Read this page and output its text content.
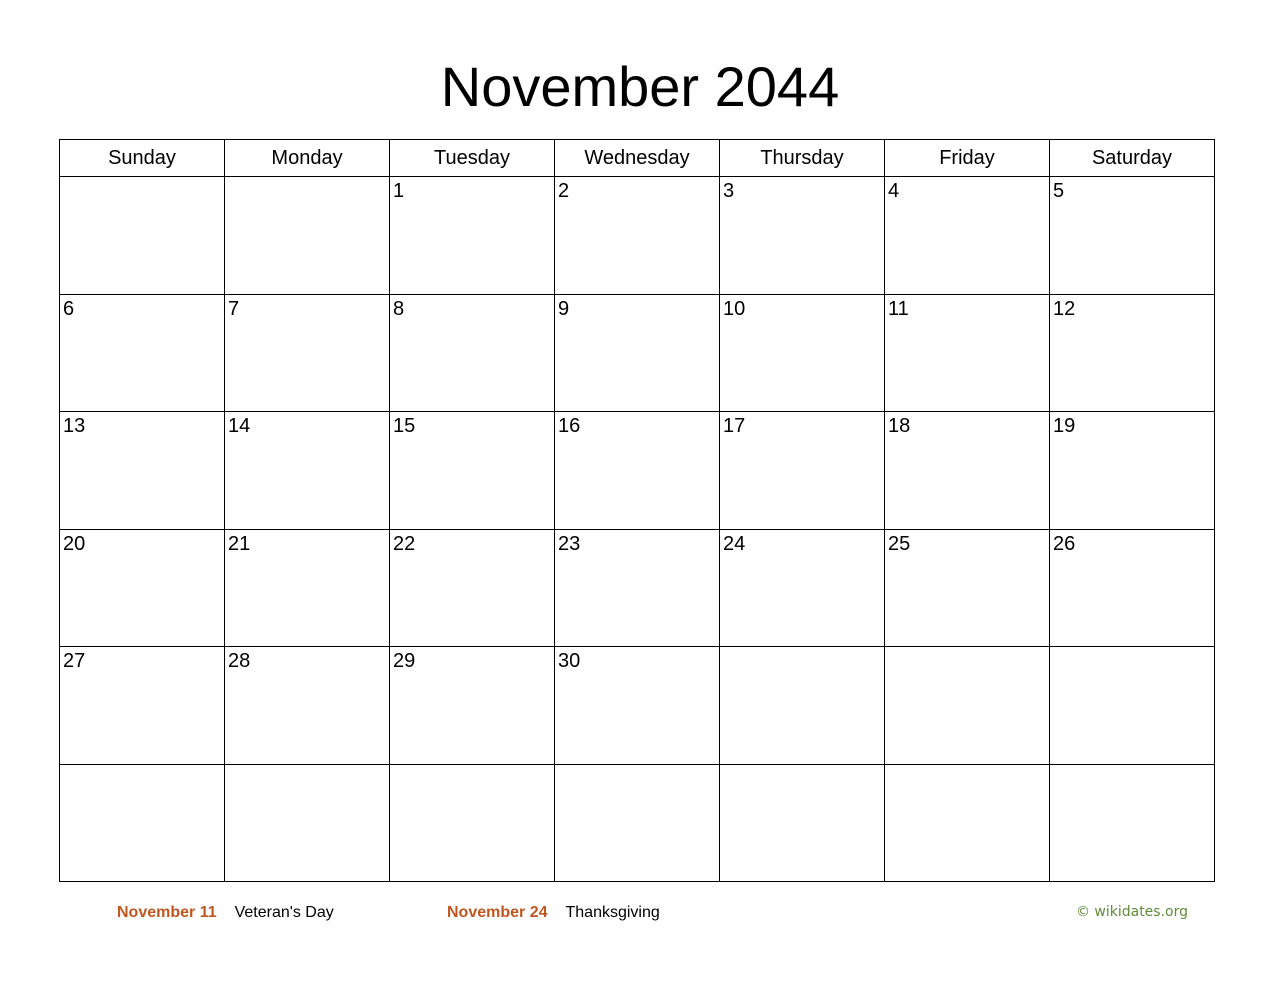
November 2044
Sunday	Monday	Tuesday	Wednesday	Thursday	Friday	Saturday

		1	2	3	4	5

6	7	8	9	10	11	12

13	14	15	16	17	18	19

20	21	22	23	24	25	26

27	28	29	30			

November 11 Veteran's Day	November 24 Thanksgiving	© wikidates.org
